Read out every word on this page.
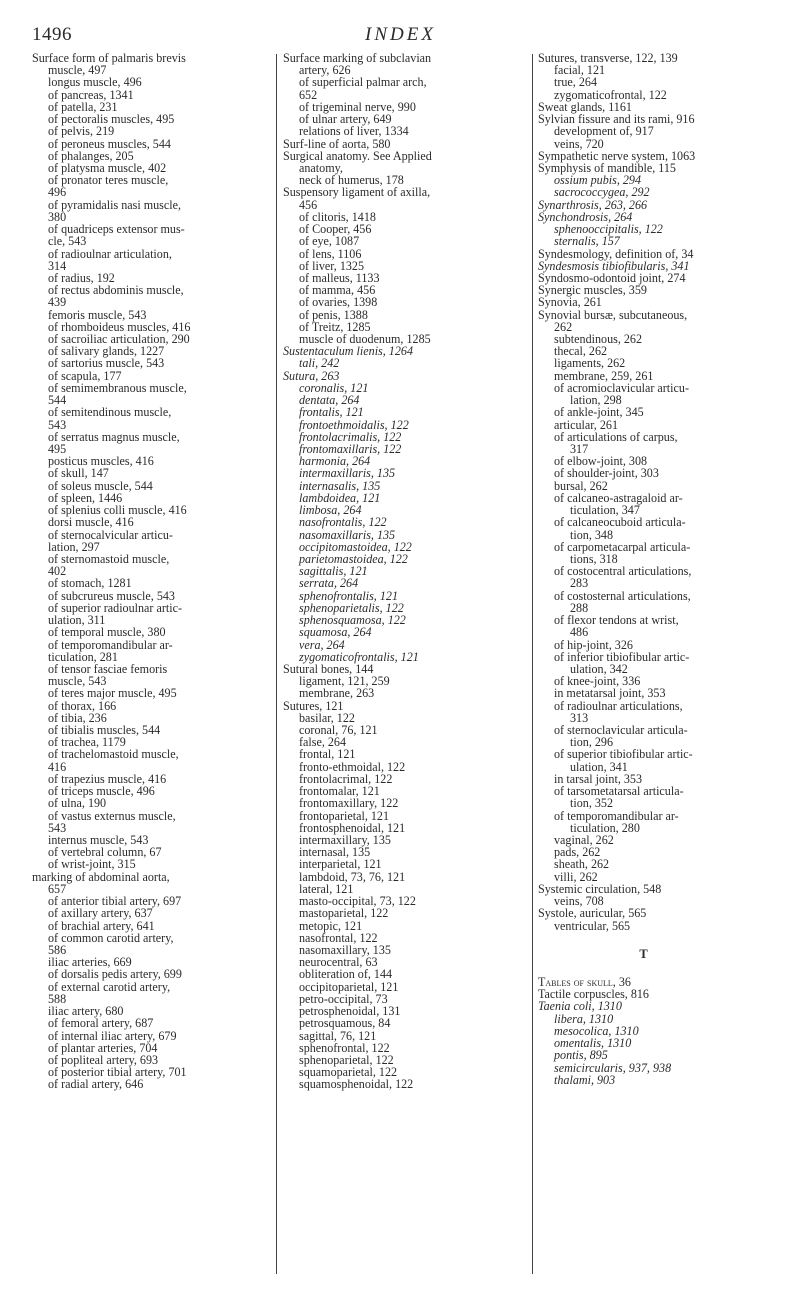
1496	INDEX
Surface form of palmaris brevis
muscle, 497
longus muscle, 496
of pancreas, 1341
of patella, 231
of pectoralis muscles, 495
of pelvis, 219
of peroneus muscles, 544
of phalanges, 205
of platysma muscle, 402
of pronator teres muscle,
496
of pyramidalis nasi muscle,
380
of quadriceps extensor mus-
cle, 543
of radioulnar articulation,
314
of radius, 192
of rectus abdominis muscle,
439
femoris muscle, 543
of rhomboideus muscles, 416
of sacroiliac articulation, 290
of salivary glands, 1227
of sartorius muscle, 543
of scapula, 177
of semimembranous muscle,
544
of semitendinous muscle,
543
of serratus magnus muscle,
495
posticus muscles, 416
of skull, 147
of soleus muscle, 544
of spleen, 1446
of splenius colli muscle, 416
dorsi muscle, 416
of sternocalvicular articu-
lation, 297
of sternomastoid muscle,
402
of stomach, 1281
of subcrureus muscle, 543
of superior radioulnar artic-
ulation, 311
of temporal muscle, 380
of temporomandibular ar-
ticulation, 281
of tensor fasciae femoris
muscle, 543
of teres major muscle, 495
of thorax, 166
of tibia, 236
of tibialis muscles, 544
of trachea, 1179
of trachelomastoid muscle,
416
of trapezius muscle, 416
of triceps muscle, 496
of ulna, 190
of vastus externus muscle,
543
internus muscle, 543
of vertebral column, 67
of wrist-joint, 315
marking of abdominal aorta,
657
of anterior tibial artery, 697
of axillary artery, 637
of brachial artery, 641
of common carotid artery,
586
iliac arteries, 669
of dorsalis pedis artery, 699
of external carotid artery,
588
iliac artery, 680
of femoral artery, 687
of internal iliac artery, 679
of plantar arteries, 704
of popliteal artery, 693
of posterior tibial artery, 701
of radial artery, 646
Surface marking of subclavian
artery, 626
of superficial palmar arch,
652
of trigeminal nerve, 990
of ulnar artery, 649
relations of liver, 1334
Surf-line of aorta, 580
Surgical anatomy. See Applied
anatomy,
neck of humerus, 178
Suspensory ligament of axilla,
456
of clitoris, 1418
of Cooper, 456
of eye, 1087
of lens, 1106
of liver, 1325
of malleus, 1133
of mamma, 456
of ovaries, 1398
of penis, 1388
of Treitz, 1285
muscle of duodenum, 1285
Sustentaculum lienis, 1264
tali, 242
Sutura, 263
coronalis, 121
dentata, 264
frontalis, 121
frontoethmoidalis, 122
frontolacrimalis, 122
frontomaxillaris, 122
harmonia, 264
intermaxillaris, 135
internasalis, 135
lambdoidea, 121
limbosa, 264
nasofrontalis, 122
nasomaxillaris, 135
occipitomastoidea, 122
parietomastoidea, 122
sagittalis, 121
serrata, 264
sphenofrontalis, 121
sphenoparietalis, 122
sphenosquamosa, 122
squamosa, 264
vera, 264
zygomaticofrontalis, 121
Sutural bones, 144
ligament, 121, 259
membrane, 263
Sutures, 121
basilar, 122
coronal, 76, 121
false, 264
frontal, 121
fronto-ethmoidal, 122
frontolacrimal, 122
frontomalar, 121
frontomaxillary, 122
frontoparietal, 121
frontosphenoidal, 121
intermaxillary, 135
internasal, 135
interparietal, 121
lambdoid, 73, 76, 121
lateral, 121
masto-occipital, 73, 122
mastoparietal, 122
metopic, 121
nasofrontal, 122
nasomaxillary, 135
neurocentral, 63
obliteration of, 144
occipitoparietal, 121
petro-occipital, 73
petrosphenoidal, 131
petrosquamous, 84
sagittal, 76, 121
sphenofrontal, 122
sphenoparietal, 122
squamoparietal, 122
squamosphenoidal, 122
Sutures, transverse, 122, 139
facial, 121
true, 264
zygomaticofrontal, 122
Sweat glands, 1161
Sylvian fissure and its rami, 916
development of, 917
veins, 720
Sympathetic nerve system, 1063
Symphysis of mandible, 115
ossium pubis, 294
sacrococcygea, 292
Synarthrosis, 263, 266
Synchondrosis, 264
sphenooccipitalis, 122
sternalis, 157
Syndesmology, definition of, 34
Syndesmosis tibiofibularis, 341
Syndosmo-odontoid joint, 274
Synergic muscles, 359
Synovia, 261
Synovial bursæ, subcutaneous,
262
subtendinous, 262
thecal, 262
ligaments, 262
membrane, 259, 261
of acromioclavicular articu-
lation, 298
of ankle-joint, 345
articular, 261
of articulations of carpus,
317
of elbow-joint, 308
of shoulder-joint, 303
bursal, 262
of calcaneo-astragaloid ar-
ticulation, 347
of calcaneocuboid articula-
tion, 348
of carpometacarpal articula-
tions, 318
of costocentral articulations,
283
of costosternal articulations,
288
of flexor tendons at wrist,
486
of hip-joint, 326
of inferior tibiofibular artic-
ulation, 342
of knee-joint, 336
in metatarsal joint, 353
of radioulnar articulations,
313
of sternoclavicular articula-
tion, 296
of superior tibiofibular artic-
ulation, 341
in tarsal joint, 353
of tarsometatarsal articula-
tion, 352
of temporomandibular ar-
ticulation, 280
vaginal, 262
pads, 262
sheath, 262
villi, 262
Systemic circulation, 548
veins, 708
Systole, auricular, 565
ventricular, 565
T
Tables of skull, 36
Tactile corpuscles, 816
Taenia coli, 1310
libera, 1310
mesocolica, 1310
omentalis, 1310
pontis, 895
semicircularis, 937, 938
thalami, 903
